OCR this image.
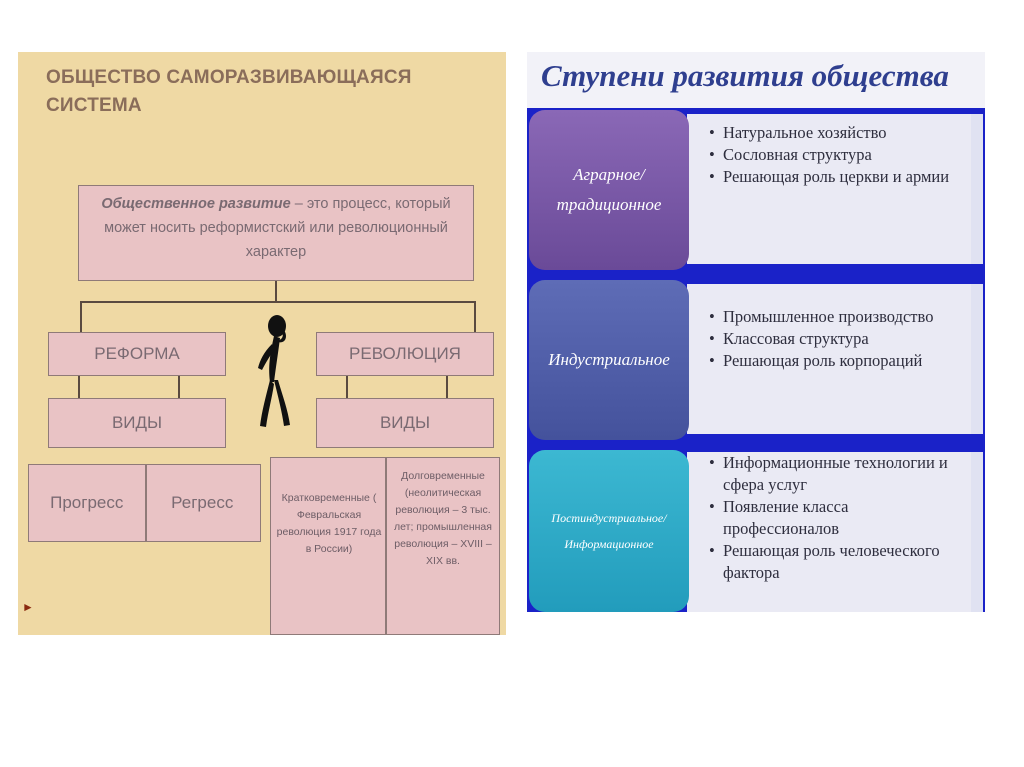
ОБЩЕСТВО САМОРАЗВИВАЮЩАЯСЯ СИСТЕМА
Общественное развитие – это процесс, который может носить реформистский или революционный характер
РЕФОРМА	РЕВОЛЮЦИЯ
ВИДЫ	ВИДЫ
Прогресс	Регресс	Кратковременные ( Февральская революция 1917 года в России)
Долговременные (неолитическая революция – 3 тыс. лет; промышленная революция – XVIII – XIX вв.
►
Ступени развития общества
• Натуральное хозяйство
• Сословная структура
• Решающая роль церкви и армии
Аграрное/ традиционное
• Промышленное производство
• Классовая структура
• Решающая роль корпораций
Индустриальное
• Информационные технологии и сфера услуг
• Появление класса профессионалов
• Решающая роль человеческого фактора
Постиндустриальное/ Информационное
